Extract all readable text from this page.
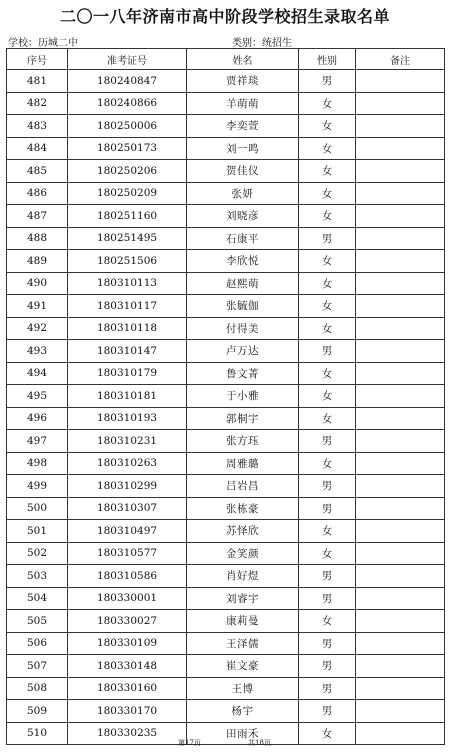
二〇一八年济南市高中阶段学校招生录取名单
学校：历城二中	类别：统招生
序号	准考证号	姓名	性别	备注
481	180240847	贾祥琰	男	
482	180240866	羊萌萌	女	
483	180250006	李奕萱	女	
484	180250173	刘一鸣	女	
485	180250206	贺佳仪	女	
486	180250209	张妍	女	
487	180251160	刘晓彦	女	
488	180251495	石康平	男	
489	180251506	李欣悦	女	
490	180310113	赵熙萌	女	
491	180310117	张毓伽	女	
492	180310118	付得美	女	
493	180310147	卢万达	男	
494	180310179	鲁文菁	女	
495	180310181	于小雅	女	
496	180310193	郭桐宇	女	
497	180310231	张方珏	男	
498	180310263	周雅璐	女	
499	180310299	吕岩昌	男	
500	180310307	张栋豪	男	
501	180310497	苏怿欣	女	
502	180310577	金笑颜	女	
503	180310586	肖好煜	男	
504	180330001	刘睿宇	男	
505	180330027	康莉曼	女	
506	180330109	王泽儒	男	
507	180330148	崔文豪	男	
508	180330160	王博	男	
509	180330170	杨宇	男	
510	180330235	田雨禾	女	
第17页	共18页
